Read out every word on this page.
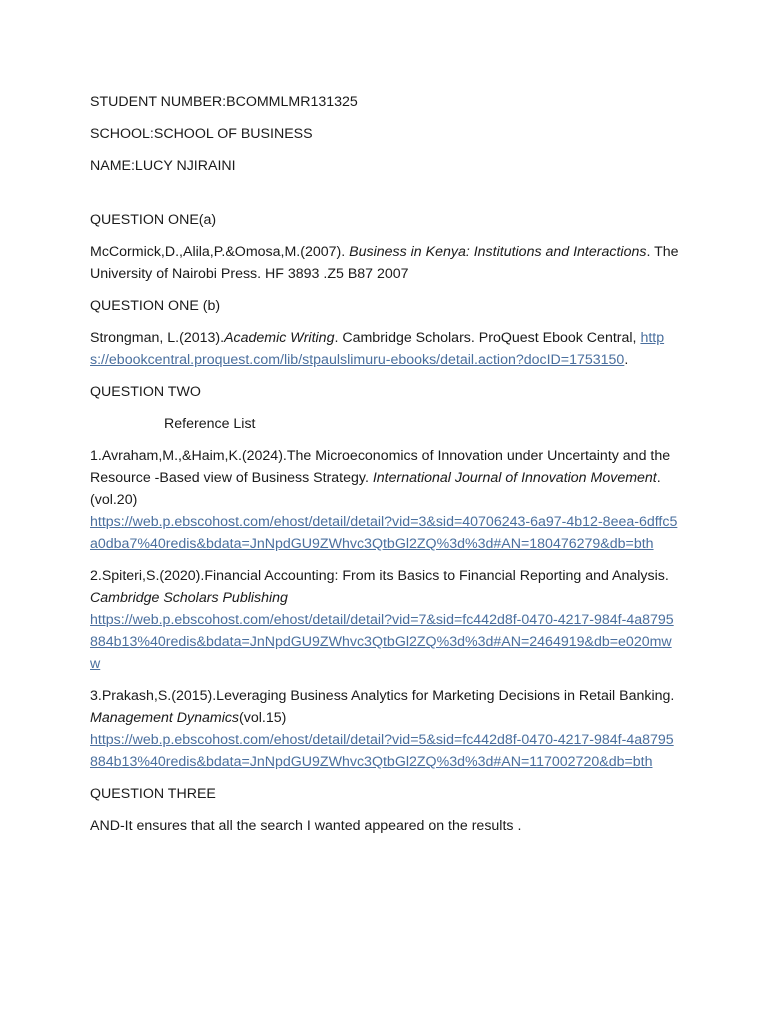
STUDENT NUMBER:BCOMMLMR131325

SCHOOL:SCHOOL OF BUSINESS

NAME:LUCY NJIRAINI

QUESTION ONE(a)

McCormick,D.,Alila,P.&Omosa,M.(2007). Business in Kenya: Institutions and Interactions. The University of Nairobi Press. HF 3893 .Z5 B87 2007

QUESTION ONE (b)

Strongman, L.(2013).Academic Writing. Cambridge Scholars. ProQuest Ebook Central, https://ebookcentral.proquest.com/lib/stpaulslimuru-ebooks/detail.action?docID=1753150.

QUESTION TWO

Reference List

1.Avraham,M.,&Haim,K.(2024).The Microeconomics of Innovation under Uncertainty and the Resource -Based view of Business Strategy. International Journal of Innovation Movement.(vol.20)
https://web.p.ebscohost.com/ehost/detail/detail?vid=3&sid=40706243-6a97-4b12-8eea-6dffc5a0dba7%40redis&bdata=JnNpdGU9ZWhvc3QtbGl2ZQ%3d%3d#AN=180476279&db=bth

2.Spiteri,S.(2020).Financial Accounting: From its Basics to Financial Reporting and Analysis. Cambridge Scholars Publishing
https://web.p.ebscohost.com/ehost/detail/detail?vid=7&sid=fc442d8f-0470-4217-984f-4a8795884b13%40redis&bdata=JnNpdGU9ZWhvc3QtbGl2ZQ%3d%3d#AN=2464919&db=e020mww

3.Prakash,S.(2015).Leveraging Business Analytics for Marketing Decisions in Retail Banking. Management Dynamics(vol.15)
https://web.p.ebscohost.com/ehost/detail/detail?vid=5&sid=fc442d8f-0470-4217-984f-4a8795884b13%40redis&bdata=JnNpdGU9ZWhvc3QtbGl2ZQ%3d%3d#AN=117002720&db=bth

QUESTION THREE

AND-It ensures that all the search I wanted appeared on the results .
